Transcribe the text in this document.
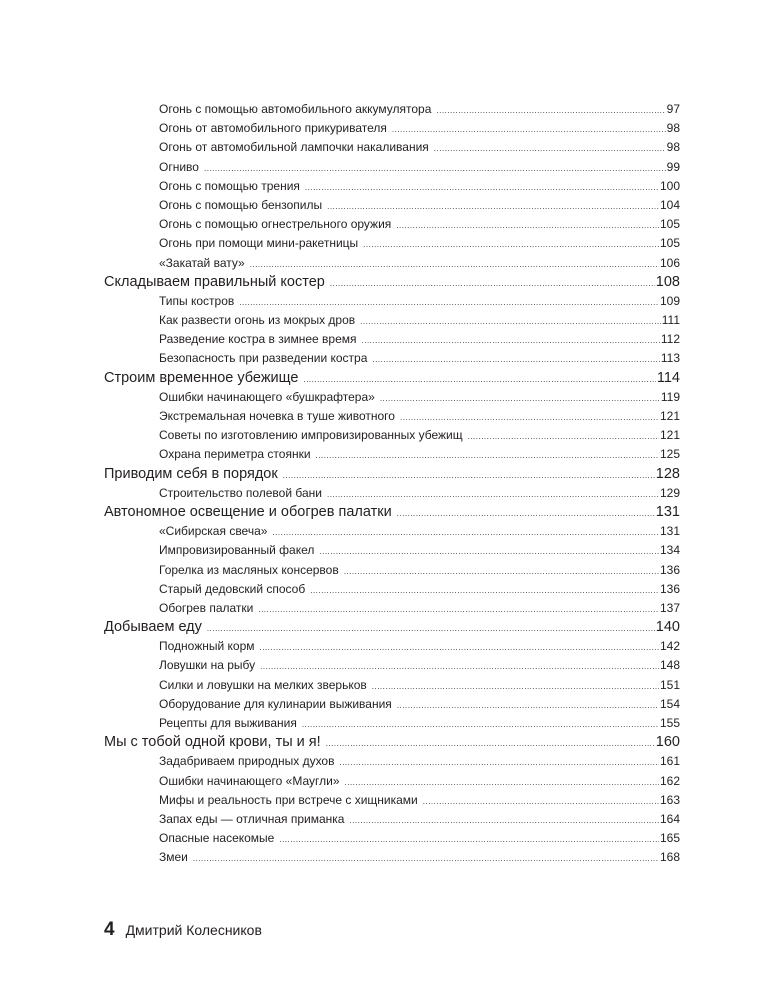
Огонь с помощью автомобильного аккумулятора .....	97
Огонь от автомобильного прикуривателя .....	98
Огонь от автомобильной лампочки накаливания .....	98
Огниво .....	99
Огонь с помощью трения .....	100
Огонь с помощью бензопилы .....	104
Огонь с помощью огнестрельного оружия .....	105
Огонь при помощи мини-ракетницы .....	105
«Закатай вату» .....	106
Складываем правильный костер .....	108
Типы костров .....	109
Как развести огонь из мокрых дров .....	111
Разведение костра в зимнее время .....	112
Безопасность при разведении костра .....	113
Строим временное убежище .....	114
Ошибки начинающего «бушкрафтера» .....	119
Экстремальная ночевка в туше животного .....	121
Советы по изготовлению импровизированных убежищ .....	121
Охрана периметра стоянки .....	125
Приводим себя в порядок .....	128
Строительство полевой бани .....	129
Автономное освещение и обогрев палатки .....	131
«Сибирская свеча» .....	131
Импровизированный факел .....	134
Горелка из масляных консервов .....	136
Старый дедовский способ .....	136
Обогрев палатки .....	137
Добываем еду .....	140
Подножный корм .....	142
Ловушки на рыбу .....	148
Силки и ловушки на мелких зверьков .....	151
Оборудование для кулинарии выживания .....	154
Рецепты для выживания .....	155
Мы с тобой одной крови, ты и я! .....	160
Задабриваем природных духов .....	161
Ошибки начинающего «Маугли» .....	162
Мифы и реальность при встрече с хищниками .....	163
Запах еды — отличная приманка .....	164
Опасные насекомые .....	165
Змеи .....	168
4 Дмитрий Колесников
